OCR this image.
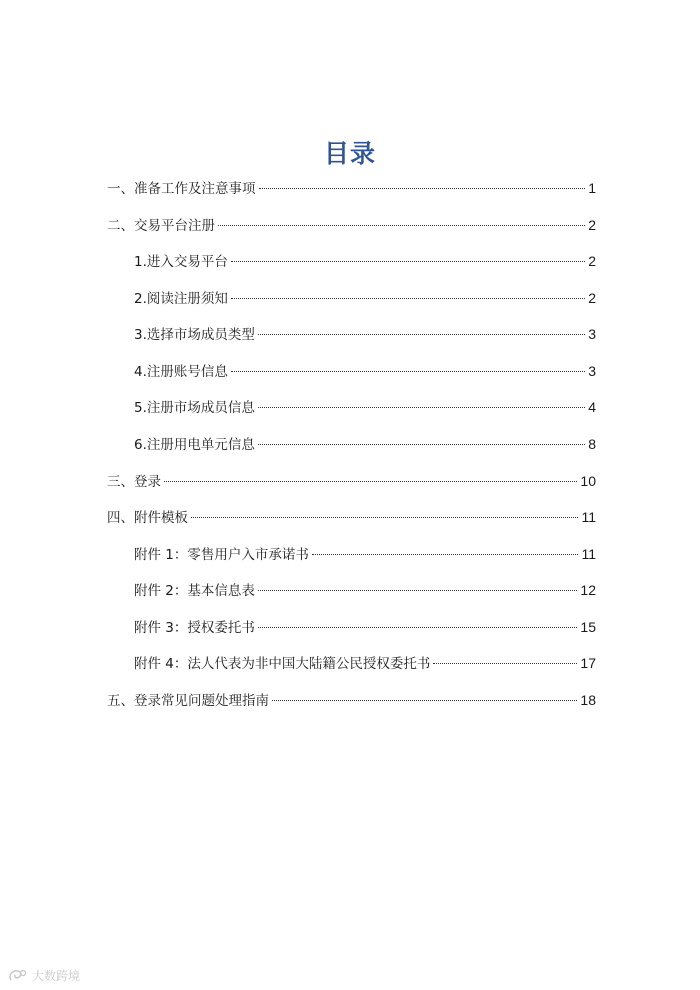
目录
一、准备工作及注意事项	1
二、交易平台注册	2
1.进入交易平台	2
2.阅读注册须知	2
3.选择市场成员类型	3
4.注册账号信息	3
5.注册市场成员信息	4
6.注册用电单元信息	8
三、登录	10
四、附件模板	11
附件 1：零售用户入市承诺书	11
附件 2：基本信息表	12
附件 3：授权委托书	15
附件 4：法人代表为非中国大陆籍公民授权委托书	17
五、登录常见问题处理指南	18
大数跨境
